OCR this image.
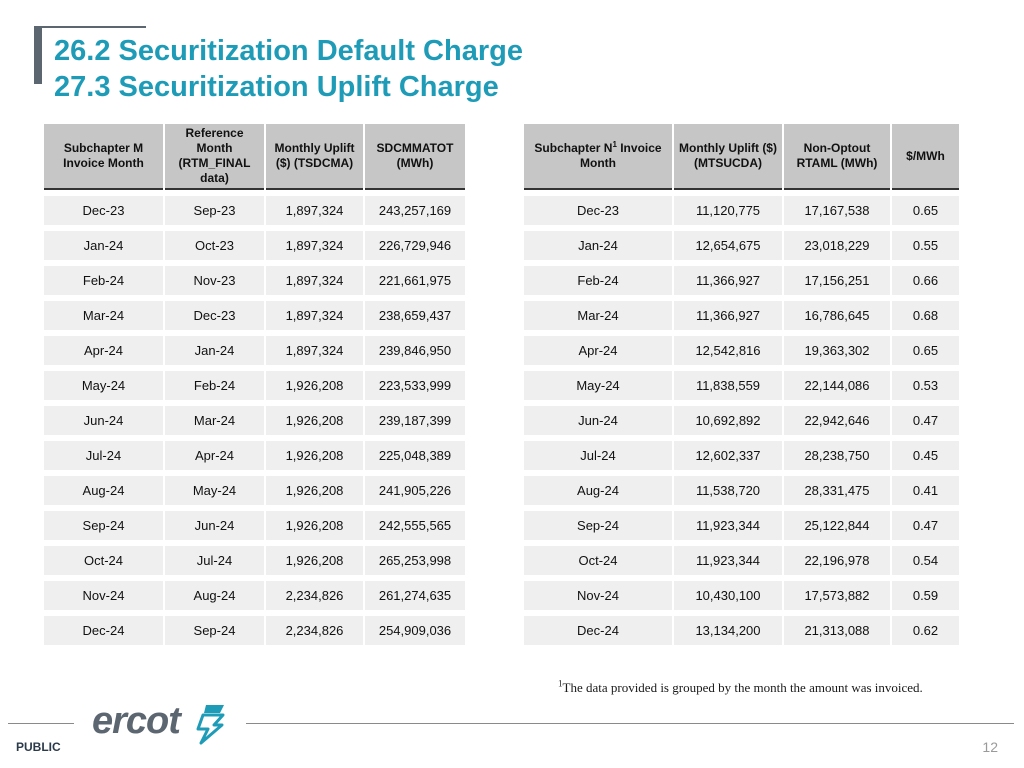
26.2 Securitization Default Charge
27.3 Securitization Uplift Charge
Subchapter M Invoice Month	Reference Month (RTM_FINAL data)	Monthly Uplift ($) (TSDCMA)	SDCMMATOT (MWh)
Dec-23	Sep-23	1,897,324	243,257,169
Jan-24	Oct-23	1,897,324	226,729,946
Feb-24	Nov-23	1,897,324	221,661,975
Mar-24	Dec-23	1,897,324	238,659,437
Apr-24	Jan-24	1,897,324	239,846,950
May-24	Feb-24	1,926,208	223,533,999
Jun-24	Mar-24	1,926,208	239,187,399
Jul-24	Apr-24	1,926,208	225,048,389
Aug-24	May-24	1,926,208	241,905,226
Sep-24	Jun-24	1,926,208	242,555,565
Oct-24	Jul-24	1,926,208	265,253,998
Nov-24	Aug-24	2,234,826	261,274,635
Dec-24	Sep-24	2,234,826	254,909,036
Subchapter $N^1$ Invoice Month	Monthly Uplift ($) (MTSUCDA)	Non-Optout RTAML (MWh)	$/MWh
Dec-23	11,120,775	17,167,538	0.65
Jan-24	12,654,675	23,018,229	0.55
Feb-24	11,366,927	17,156,251	0.66
Mar-24	11,366,927	16,786,645	0.68
Apr-24	12,542,816	19,363,302	0.65
May-24	11,838,559	22,144,086	0.53
Jun-24	10,692,892	22,942,646	0.47
Jul-24	12,602,337	28,238,750	0.45
Aug-24	11,538,720	28,331,475	0.41
Sep-24	11,923,344	25,122,844	0.47
Oct-24	11,923,344	22,196,978	0.54
Nov-24	10,430,100	17,573,882	0.59
Dec-24	13,134,200	21,313,088	0.62
$^1$The data provided is grouped by the month the amount was invoiced.
ercot
PUBLIC	12
